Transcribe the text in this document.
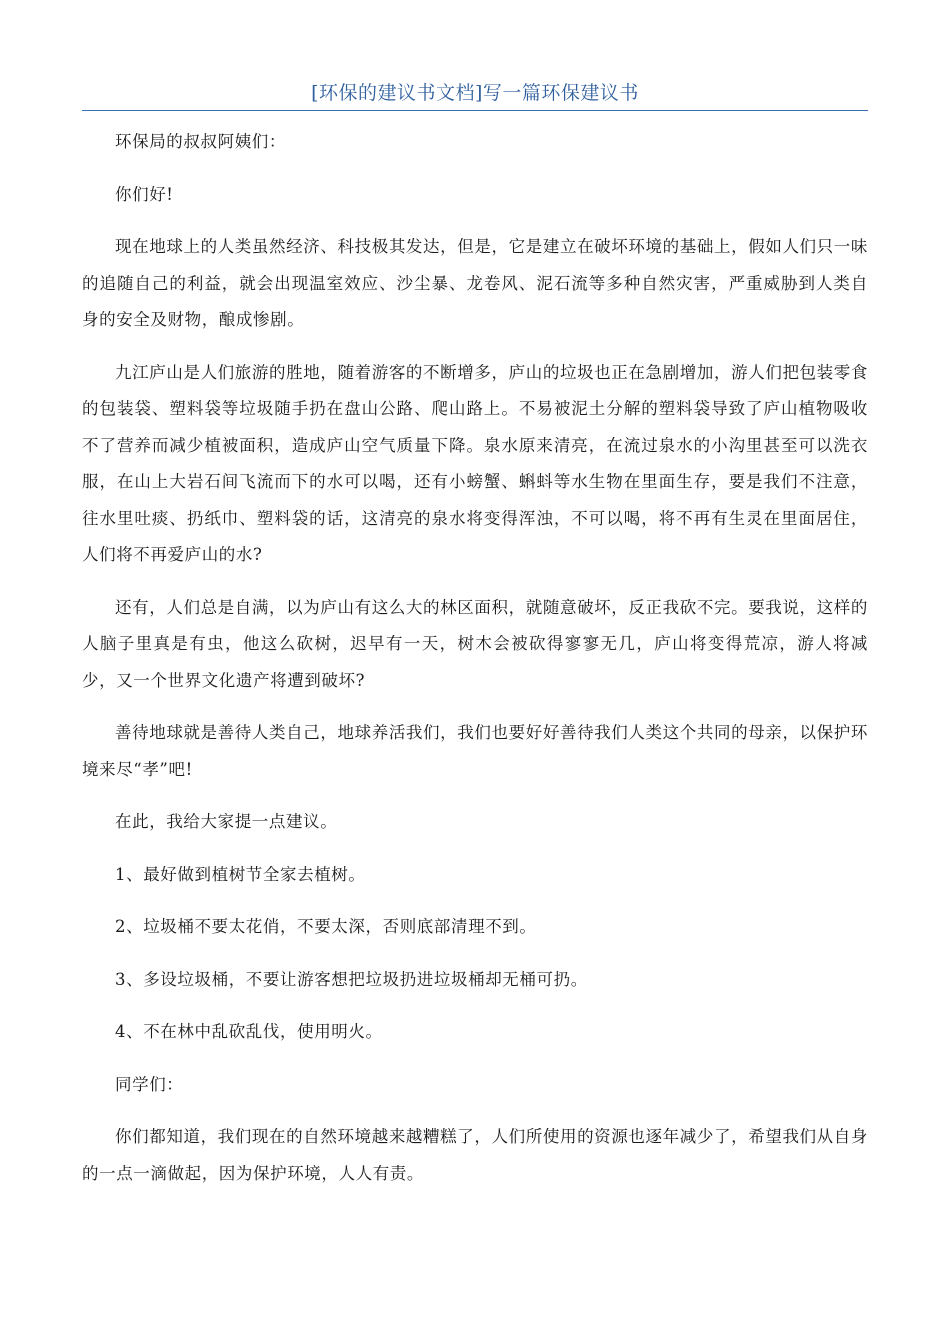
[环保的建议书文档]写一篇环保建议书

环保局的叔叔阿姨们：

你们好!

现在地球上的人类虽然经济、科技极其发达，但是，它是建立在破坏环境的基础上，假如人们只一味的追随自己的利益，就会出现温室效应、沙尘暴、龙卷风、泥石流等多种自然灾害，严重威胁到人类自身的安全及财物，酿成惨剧。

九江庐山是人们旅游的胜地，随着游客的不断增多，庐山的垃圾也正在急剧增加，游人们把包装零食的包装袋、塑料袋等垃圾随手扔在盘山公路、爬山路上。不易被泥土分解的塑料袋导致了庐山植物吸收不了营养而减少植被面积，造成庐山空气质量下降。泉水原来清亮，在流过泉水的小沟里甚至可以洗衣服，在山上大岩石间飞流而下的水可以喝，还有小螃蟹、蝌蚪等水生物在里面生存，要是我们不注意，往水里吐痰、扔纸巾、塑料袋的话，这清亮的泉水将变得浑浊，不可以喝，将不再有生灵在里面居住，人们将不再爱庐山的水?

还有，人们总是自满，以为庐山有这么大的林区面积，就随意破坏，反正我砍不完。要我说，这样的人脑子里真是有虫，他这么砍树，迟早有一天，树木会被砍得寥寥无几，庐山将变得荒凉，游人将减少，又一个世界文化遗产将遭到破坏?

善待地球就是善待人类自己，地球养活我们，我们也要好好善待我们人类这个共同的母亲，以保护环境来尽“孝”吧!

在此，我给大家提一点建议。

1、最好做到植树节全家去植树。

2、垃圾桶不要太花俏，不要太深，否则底部清理不到。

3、多设垃圾桶，不要让游客想把垃圾扔进垃圾桶却无桶可扔。

4、不在林中乱砍乱伐，使用明火。

同学们：

你们都知道，我们现在的自然环境越来越糟糕了，人们所使用的资源也逐年减少了，希望我们从自身的一点一滴做起，因为保护环境，人人有责。
